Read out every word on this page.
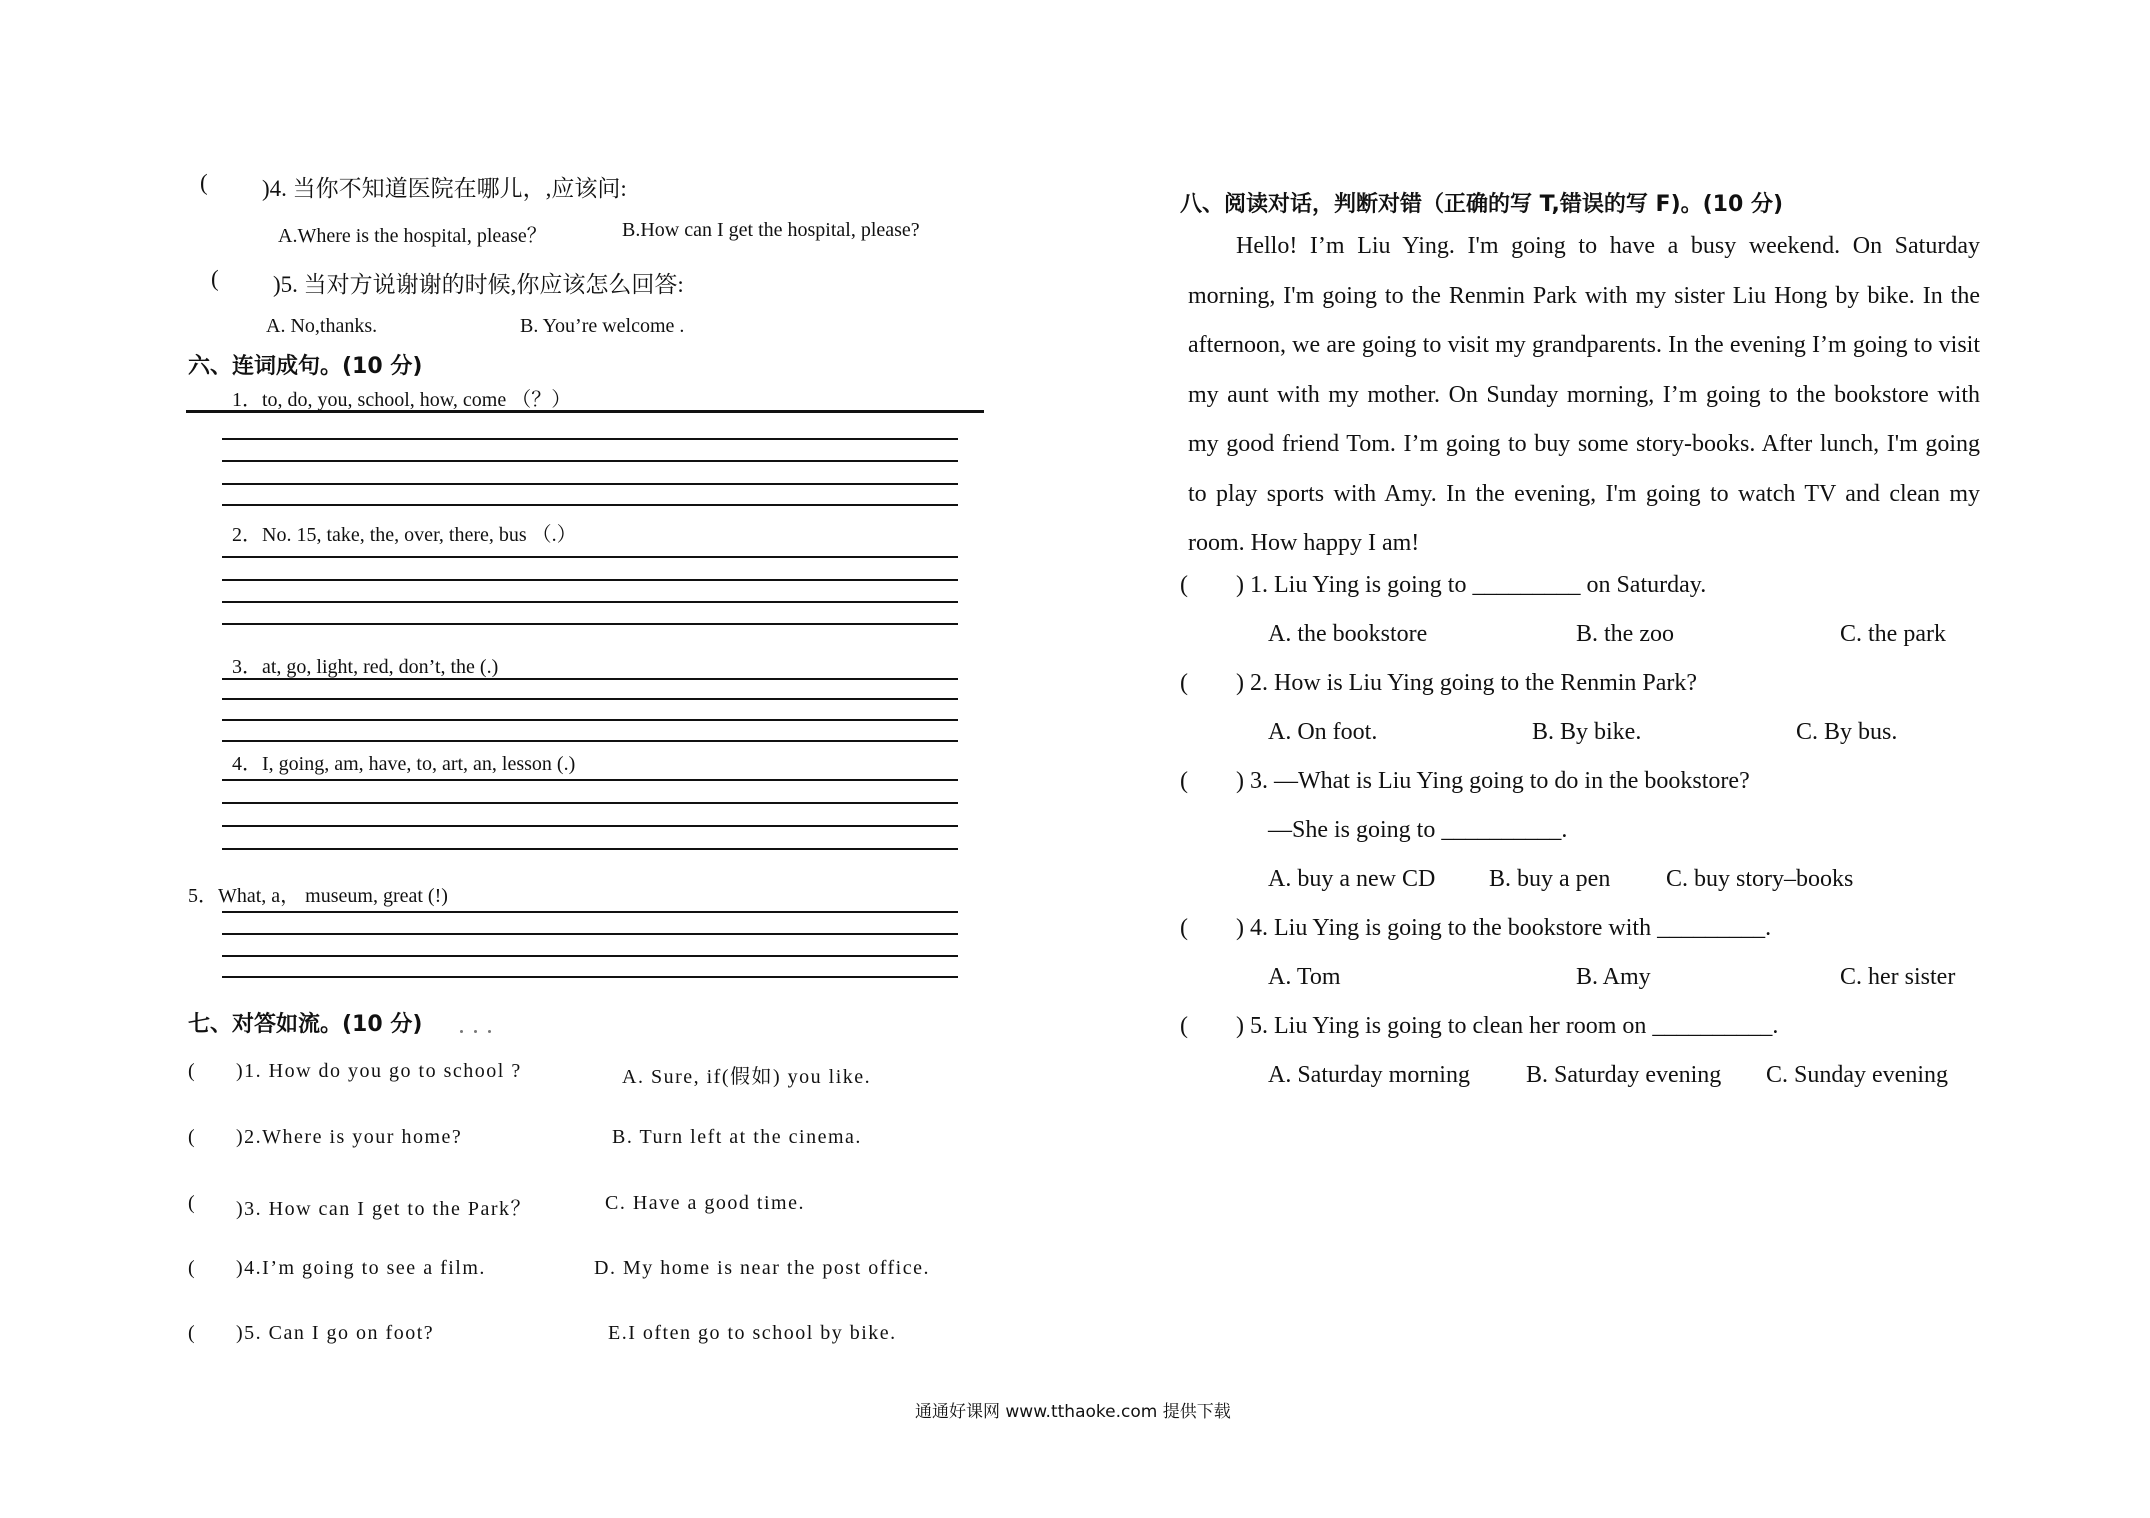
( )4. 当你不知道医院在哪儿，,应该问:
A.Where is the hospital, please？	B.How can I get the hospital, please?
( )5. 当对方说谢谢的时候,你应该怎么回答:
A. No,thanks.	B. You’re welcome .
六、连词成句。(10 分)
1．to, do, you, school, how, come （？）
2．No. 15, take, the, over, there, bus （.）
3．at, go, light, red, don’t, the (.)
4．I, going, am, have, to, art, an, lesson (.)
5．What, a， museum, great (!)
七、对答如流。(10 分)
( )1. How do you go to school ?	A. Sure, if(假如) you like.
( )2.Where is your home?	B. Turn left at the cinema.
( )3. How can I get to the Park？	C. Have a good time.
( )4.I’m going to see a film.	D. My home is near the post office.
( )5. Can I go on foot?	E.I often go to school by bike.
八、阅读对话，判断对错（正确的写 T,错误的写 F)。(10 分)

Hello! I’m Liu Ying. I'm going to have a busy weekend. On Saturday morning, I'm going to the Renmin Park with my sister Liu Hong by bike. In the afternoon, we are going to visit my grandparents. In the evening I’m going to visit my aunt with my mother. On Sunday morning, I’m going to the bookstore with my good friend Tom. I’m going to buy some story-books. After lunch, I'm going to play sports with Amy. In the evening, I'm going to watch TV and clean my room. How happy I am!

( ) 1. Liu Ying is going to _________ on Saturday.
A. the bookstore	B. the zoo	C. the park
( ) 2. How is Liu Ying going to the Renmin Park?
A. On foot.	B. By bike.	C. By bus.
( ) 3. —What is Liu Ying going to do in the bookstore?
—She is going to __________.
A. buy a new CD B. buy a pen C. buy story–books
( ) 4. Liu Ying is going to the bookstore with _________.
A. Tom	B. Amy	C. her sister
( ) 5. Liu Ying is going to clean her room on __________.
A. Saturday morning B. Saturday evening C. Sunday evening
通通好课网 www.tthaoke.com 提供下载
